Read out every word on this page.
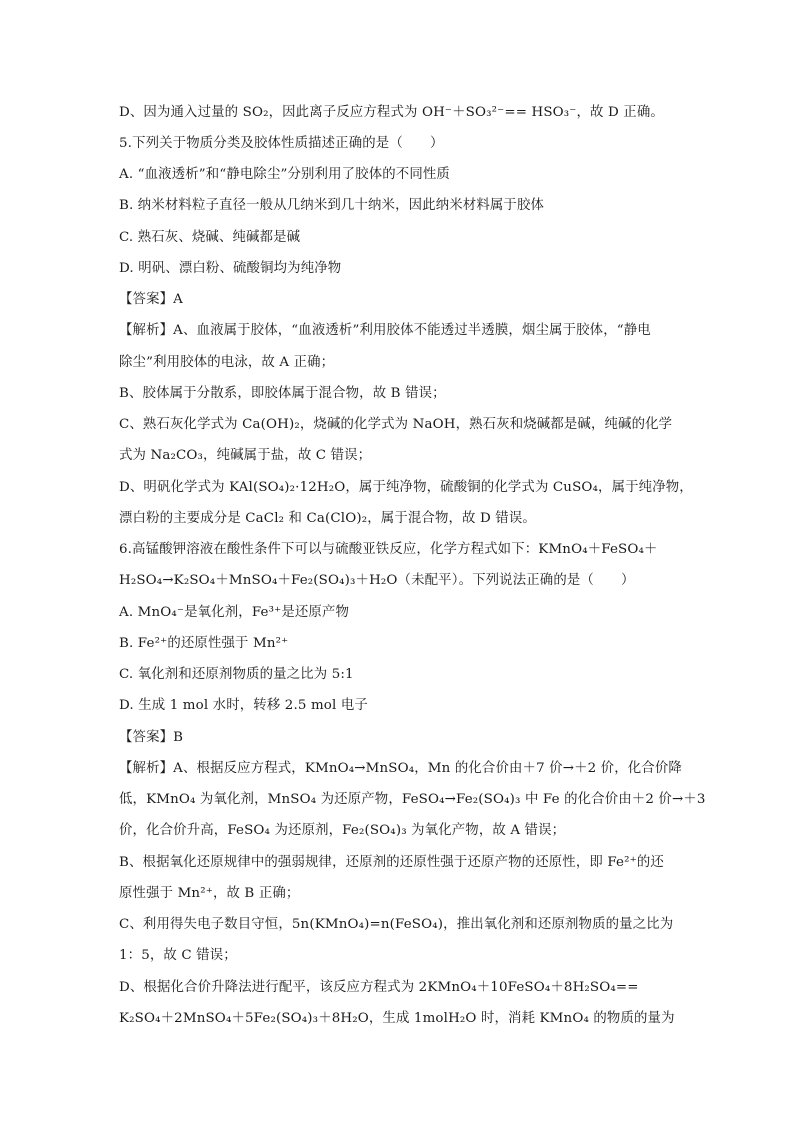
D、因为通入过量的 SO₂，因此离子反应方程式为 OH⁻＋SO₃²⁻== HSO₃⁻，故 D 正确。
5.下列关于物质分类及胶体性质描述正确的是（　　）
A. “血液透析”和“静电除尘”分别利用了胶体的不同性质
B. 纳米材料粒子直径一般从几纳米到几十纳米，因此纳米材料属于胶体
C. 熟石灰、烧碱、纯碱都是碱
D. 明矾、漂白粉、硫酸铜均为纯净物
【答案】A
【解析】A、血液属于胶体，“血液透析”利用胶体不能透过半透膜，烟尘属于胶体，“静电
除尘”利用胶体的电泳，故 A 正确；
B、胶体属于分散系，即胶体属于混合物，故 B 错误；
C、熟石灰化学式为 Ca(OH)₂，烧碱的化学式为 NaOH，熟石灰和烧碱都是碱，纯碱的化学
式为 Na₂CO₃，纯碱属于盐，故 C 错误；
D、明矾化学式为 KAl(SO₄)₂·12H₂O，属于纯净物，硫酸铜的化学式为 CuSO₄，属于纯净物，
漂白粉的主要成分是 CaCl₂ 和 Ca(ClO)₂，属于混合物，故 D 错误。
6.高锰酸钾溶液在酸性条件下可以与硫酸亚铁反应，化学方程式如下：KMnO₄＋FeSO₄＋
H₂SO₄→K₂SO₄＋MnSO₄＋Fe₂(SO₄)₃＋H₂O（未配平）。下列说法正确的是（　　）
A. MnO₄⁻是氧化剂，Fe³⁺是还原产物
B. Fe²⁺的还原性强于 Mn²⁺
C. 氧化剂和还原剂物质的量之比为 5:1
D. 生成 1 mol 水时，转移 2.5 mol 电子
【答案】B
【解析】A、根据反应方程式，KMnO₄→MnSO₄，Mn 的化合价由＋7 价→＋2 价，化合价降
低，KMnO₄ 为氧化剂，MnSO₄ 为还原产物，FeSO₄→Fe₂(SO₄)₃ 中 Fe 的化合价由＋2 价→＋3
价，化合价升高，FeSO₄ 为还原剂，Fe₂(SO₄)₃ 为氧化产物，故 A 错误；
B、根据氧化还原规律中的强弱规律，还原剂的还原性强于还原产物的还原性，即 Fe²⁺的还
原性强于 Mn²⁺，故 B 正确；
C、利用得失电子数目守恒，5n(KMnO₄)=n(FeSO₄)，推出氧化剂和还原剂物质的量之比为
1：5，故 C 错误；
D、根据化合价升降法进行配平，该反应方程式为 2KMnO₄＋10FeSO₄＋8H₂SO₄==
K₂SO₄＋2MnSO₄＋5Fe₂(SO₄)₃＋8H₂O，生成 1molH₂O 时，消耗 KMnO₄ 的物质的量为
